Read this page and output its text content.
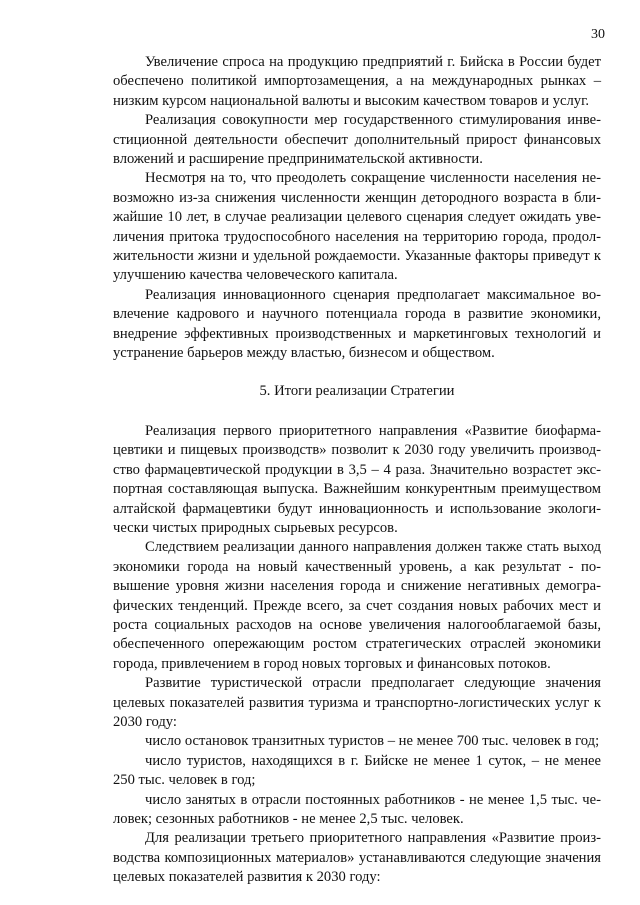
30

Увеличение спроса на продукцию предприятий г. Бийска в России будет обеспечено политикой импортозамещения, а на международных рынках – низким курсом национальной валюты и высоким качеством товаров и услуг.

Реализация совокупности мер государственного стимулирования инвестиционной деятельности обеспечит дополнительный прирост финансовых вложений и расширение предпринимательской активности.

Несмотря на то, что преодолеть сокращение численности населения невозможно из-за снижения численности женщин детородного возраста в ближайшие 10 лет, в случае реализации целевого сценария следует ожидать увеличения притока трудоспособного населения на территорию города, продолжительности жизни и удельной рождаемости. Указанные факторы приведут к улучшению качества человеческого капитала.

Реализация инновационного сценария предполагает максимальное вовлечение кадрового и научного потенциала города в развитие экономики, внедрение эффективных производственных и маркетинговых технологий и устранение барьеров между властью, бизнесом и обществом.

5. Итоги реализации Стратегии

Реализация первого приоритетного направления «Развитие биофармацевтики и пищевых производств» позволит к 2030 году увеличить производство фармацевтической продукции в 3,5 – 4 раза. Значительно возрастет экспортная составляющая выпуска. Важнейшим конкурентным преимуществом алтайской фармацевтики будут инновационность и использование экологически чистых природных сырьевых ресурсов.

Следствием реализации данного направления должен также стать выход экономики города на новый качественный уровень, а как результат - повышение уровня жизни населения города и снижение негативных демографических тенденций. Прежде всего, за счет создания новых рабочих мест и роста социальных расходов на основе увеличения налогооблагаемой базы, обеспеченного опережающим ростом стратегических отраслей экономики города, привлечением в город новых торговых и финансовых потоков.

Развитие туристической отрасли предполагает следующие значения целевых показателей развития туризма и транспортно-логистических услуг к 2030 году:

число остановок транзитных туристов – не менее 700 тыс. человек в год;

число туристов, находящихся в г. Бийске не менее 1 суток, – не менее 250 тыс. человек в год;

число занятых в отрасли постоянных работников - не менее 1,5 тыс. человек; сезонных работников - не менее 2,5 тыс. человек.

Для реализации третьего приоритетного направления «Развитие производства композиционных материалов» устанавливаются следующие значения целевых показателей развития к 2030 году:
